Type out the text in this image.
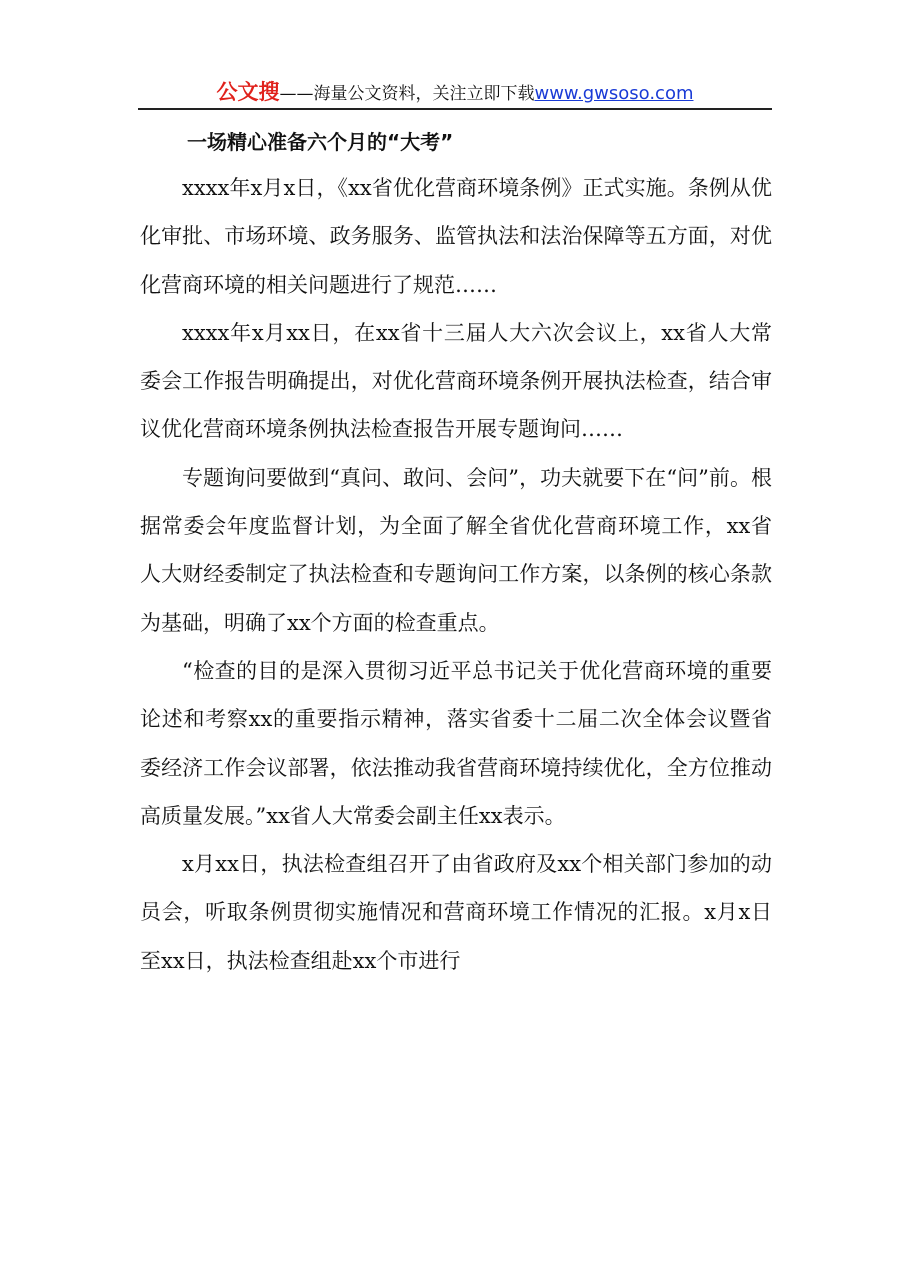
公文搜——海量公文资料，关注立即下载www.gwsoso.com
一场精心准备六个月的“大考”

xxxx年x月x日，《xx省优化营商环境条例》正式实施。条例从优化审批、市场环境、政务服务、监管执法和法治保障等五方面，对优化营商环境的相关问题进行了规范……

xxxx年x月xx日，在xx省十三届人大六次会议上，xx省人大常委会工作报告明确提出，对优化营商环境条例开展执法检查，结合审议优化营商环境条例执法检查报告开展专题询问……

专题询问要做到“真问、敢问、会问”，功夫就要下在“问”前。根据常委会年度监督计划，为全面了解全省优化营商环境工作，xx省人大财经委制定了执法检查和专题询问工作方案，以条例的核心条款为基础，明确了xx个方面的检查重点。

“检查的目的是深入贯彻习近平总书记关于优化营商环境的重要论述和考察xx的重要指示精神，落实省委十二届二次全体会议暨省委经济工作会议部署，依法推动我省营商环境持续优化，全方位推动高质量发展。”xx省人大常委会副主任xx表示。

x月xx日，执法检查组召开了由省政府及xx个相关部门参加的动员会，听取条例贯彻实施情况和营商环境工作情况的汇报。x月x日至xx日，执法检查组赴xx个市进行
